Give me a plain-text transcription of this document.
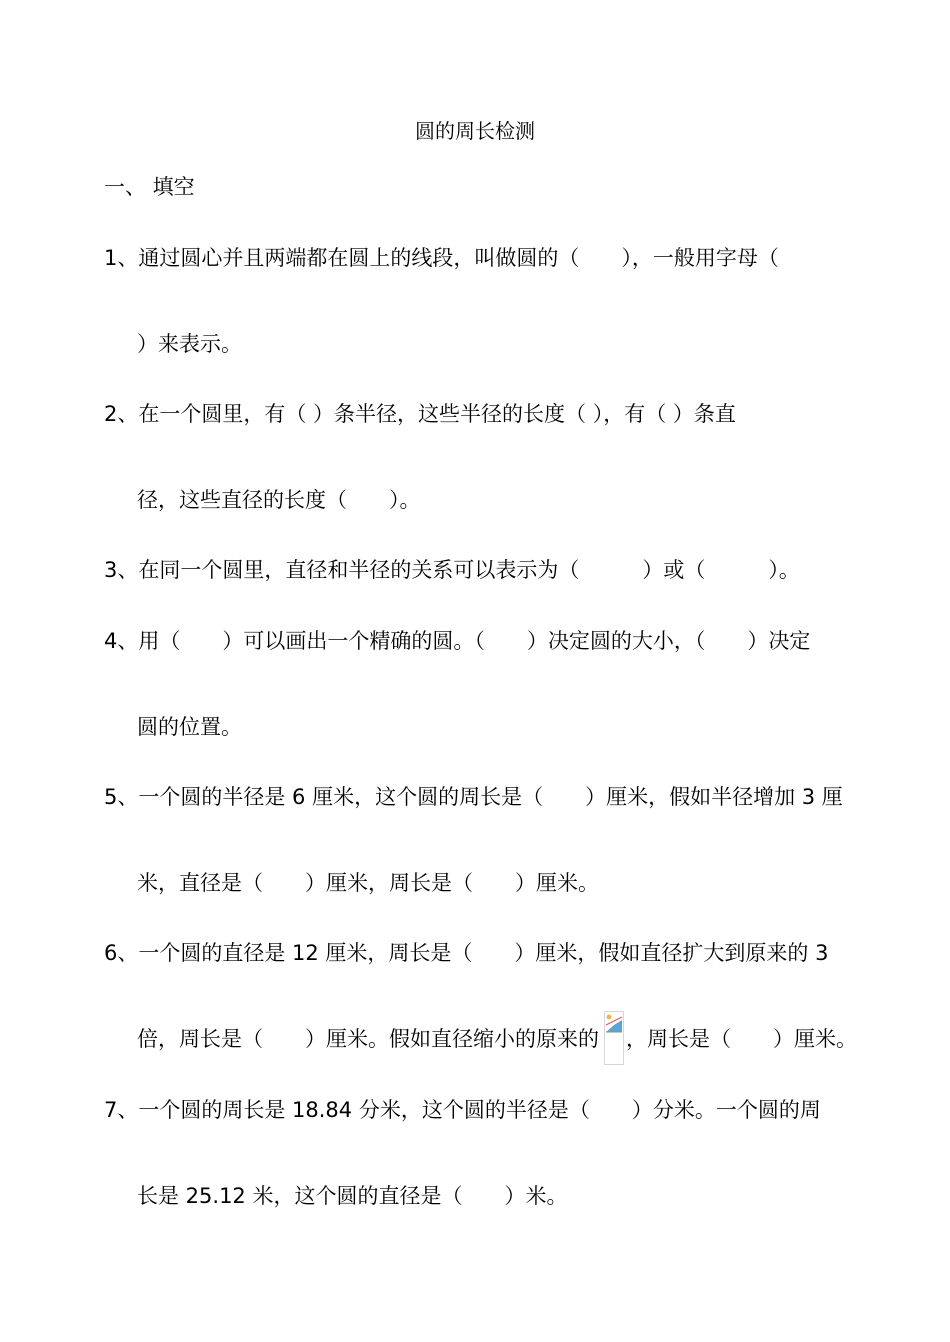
圆的周长检测
一、 填空
1、通过圆心并且两端都在圆上的线段，叫做圆的（　　），一般用字母（
）来表示。
2、在一个圆里，有（ ）条半径，这些半径的长度（ ），有（ ）条直
径，这些直径的长度（　　）。
3、在同一个圆里，直径和半径的关系可以表示为（　　　）或（　　　）。
4、用（　　）可以画出一个精确的圆。（　　）决定圆的大小，（　　）决定
圆的位置。
5、一个圆的半径是 6 厘米，这个圆的周长是（　　）厘米，假如半径增加 3 厘
米，直径是（　　）厘米，周长是（　　）厘米。
6、一个圆的直径是 12 厘米，周长是（　　）厘米，假如直径扩大到原来的 3
倍，周长是（　　）厘米。假如直径缩小的原来的 ，周长是（　　）厘米。
7、一个圆的周长是 18.84 分米，这个圆的半径是（　　）分米。一个圆的周
长是 25.12 米，这个圆的直径是（　　）米。
